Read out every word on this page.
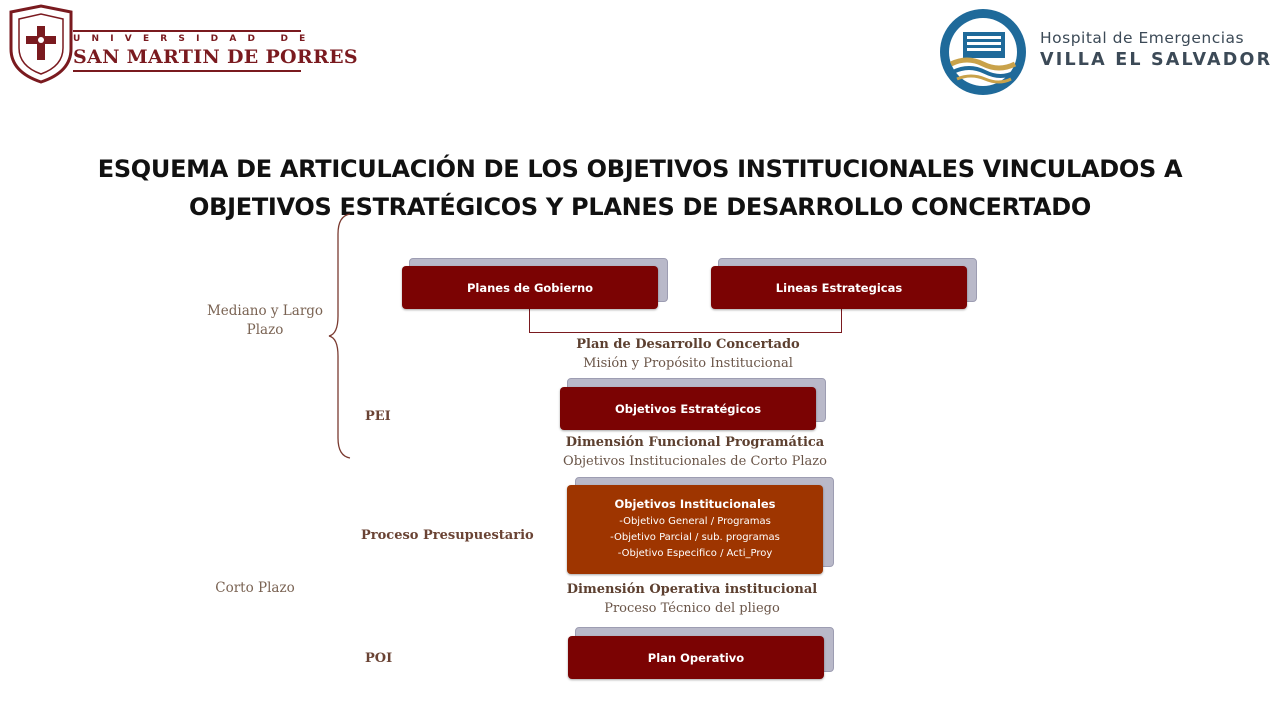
UNIVERSIDAD DE
SAN MARTIN DE PORRES
Hospital de Emergencias
VILLA EL SALVADOR
ESQUEMA DE ARTICULACIÓN DE LOS OBJETIVOS INSTITUCIONALES VINCULADOS A OBJETIVOS ESTRATÉGICOS Y PLANES DE DESARROLLO CONCERTADO
Mediano y Largo Plazo
Corto Plazo
PEI
Proceso Presupuestario
POI
Planes de Gobierno	Lineas Estrategicas
Plan de Desarrollo Concertado
Misión y Propósito Institucional
Objetivos Estratégicos
Dimensión Funcional Programática
Objetivos Institucionales de Corto Plazo
Objetivos Institucionales
-Objetivo General / Programas
-Objetivo Parcial / sub. programas
-Objetivo Especifico / Acti_Proy
Dimensión Operativa institucional
Proceso Técnico del pliego
Plan Operativo
